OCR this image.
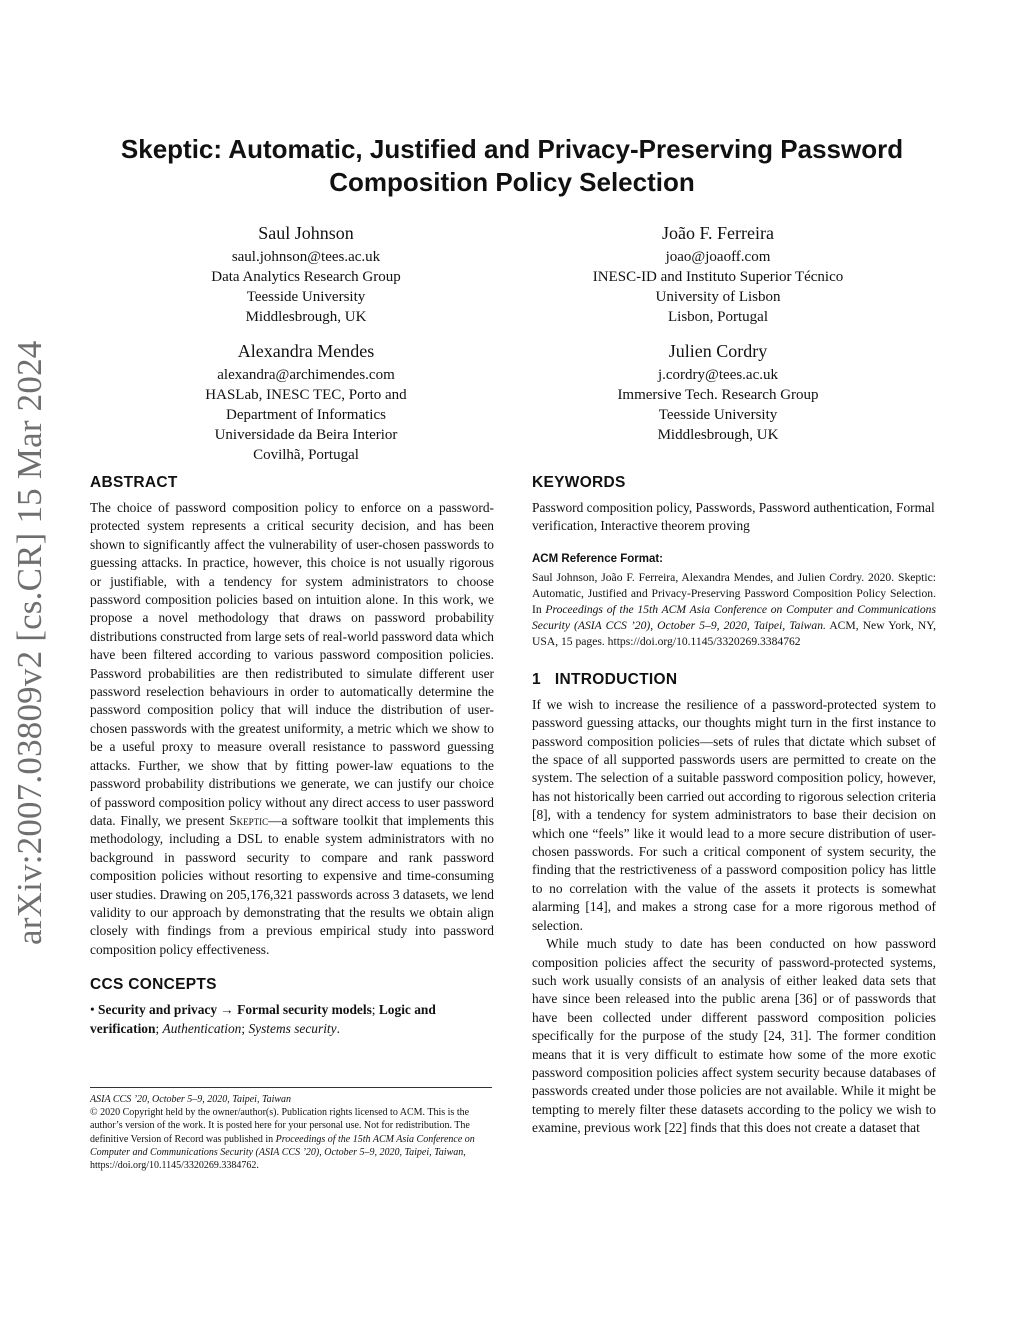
arXiv:2007.03809v2 [cs.CR] 15 Mar 2024
Skeptic: Automatic, Justified and Privacy-Preserving Password
Composition Policy Selection
Saul Johnson
saul.johnson@tees.ac.uk
Data Analytics Research Group
Teesside University
Middlesbrough, UK
João F. Ferreira
joao@joaoff.com
INESC-ID and Instituto Superior Técnico
University of Lisbon
Lisbon, Portugal
Alexandra Mendes
alexandra@archimendes.com
HASLab, INESC TEC, Porto and
Department of Informatics
Universidade da Beira Interior
Covilhã, Portugal
Julien Cordry
j.cordry@tees.ac.uk
Immersive Tech. Research Group
Teesside University
Middlesbrough, UK
ABSTRACT

The choice of password composition policy to enforce on a password-protected system represents a critical security decision, and has been shown to significantly affect the vulnerability of user-chosen passwords to guessing attacks. In practice, however, this choice is not usually rigorous or justifiable, with a tendency for system administrators to choose password composition policies based on intuition alone. In this work, we propose a novel methodology that draws on password probability distributions constructed from large sets of real-world password data which have been filtered according to various password composition policies. Password probabilities are then redistributed to simulate different user password reselection behaviours in order to automatically determine the password composition policy that will induce the distribution of user-chosen passwords with the greatest uniformity, a metric which we show to be a useful proxy to measure overall resistance to password guessing attacks. Further, we show that by fitting power-law equations to the password probability distributions we generate, we can justify our choice of password composition policy without any direct access to user password data. Finally, we present Skeptic—a software toolkit that implements this methodology, including a DSL to enable system administrators with no background in password security to compare and rank password composition policies without resorting to expensive and time-consuming user studies. Drawing on 205,176,321 passwords across 3 datasets, we lend validity to our approach by demonstrating that the results we obtain align closely with findings from a previous empirical study into password composition policy effectiveness.

CCS CONCEPTS

• Security and privacy → Formal security models; Logic and verification; Authentication; Systems security.

ASIA CCS ’20, October 5–9, 2020, Taipei, Taiwan

© 2020 Copyright held by the owner/author(s). Publication rights licensed to ACM. This is the author’s version of the work. It is posted here for your personal use. Not for redistribution. The definitive Version of Record was published in Proceedings of the 15th ACM Asia Conference on Computer and Communications Security (ASIA CCS ’20), October 5–9, 2020, Taipei, Taiwan, https://doi.org/10.1145/3320269.3384762.

KEYWORDS

Password composition policy, Passwords, Password authentication, Formal verification, Interactive theorem proving

ACM Reference Format:

Saul Johnson, João F. Ferreira, Alexandra Mendes, and Julien Cordry. 2020. Skeptic: Automatic, Justified and Privacy-Preserving Password Composition Policy Selection. In Proceedings of the 15th ACM Asia Conference on Computer and Communications Security (ASIA CCS ’20), October 5–9, 2020, Taipei, Taiwan. ACM, New York, NY, USA, 15 pages. https://doi.org/10.1145/3320269.3384762

1 INTRODUCTION

If we wish to increase the resilience of a password-protected system to password guessing attacks, our thoughts might turn in the first instance to password composition policies—sets of rules that dictate which subset of the space of all supported passwords users are permitted to create on the system. The selection of a suitable password composition policy, however, has not historically been carried out according to rigorous selection criteria [8], with a tendency for system administrators to base their decision on which one “feels” like it would lead to a more secure distribution of user-chosen passwords. For such a critical component of system security, the finding that the restrictiveness of a password composition policy has little to no correlation with the value of the assets it protects is somewhat alarming [14], and makes a strong case for a more rigorous method of selection.

While much study to date has been conducted on how password composition policies affect the security of password-protected systems, such work usually consists of an analysis of either leaked data sets that have since been released into the public arena [36] or of passwords that have been collected under different password composition policies specifically for the purpose of the study [24, 31]. The former condition means that it is very difficult to estimate how some of the more exotic password composition policies affect system security because databases of passwords created under those policies are not available. While it might be tempting to merely filter these datasets according to the policy we wish to examine, previous work [22] finds that this does not create a dataset that
